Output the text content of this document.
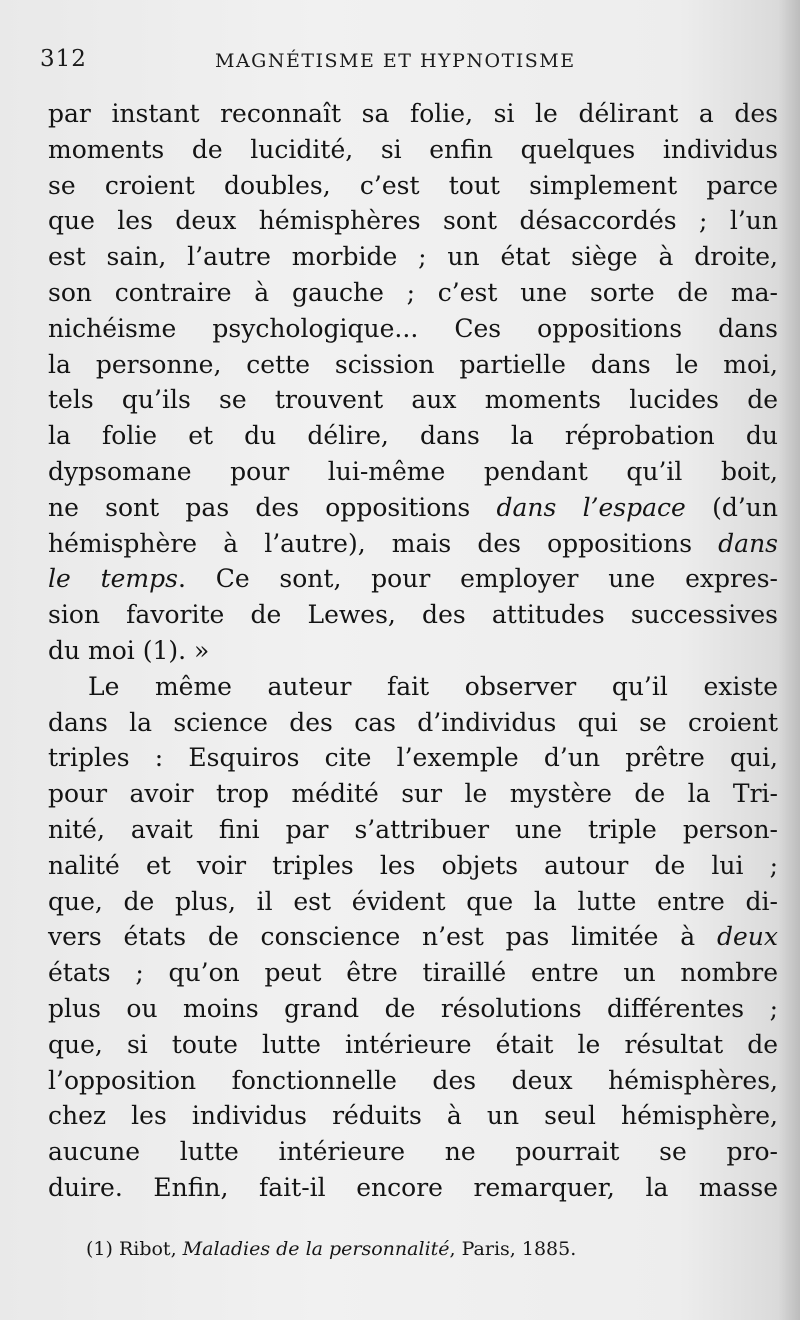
312	MAGNÉTISME ET HYPNOTISME
par instant reconnaît sa folie, si le délirant a des
moments de lucidité, si enfin quelques individus
se croient doubles, c’est tout simplement parce
que les deux hémisphères sont désaccordés ; l’un
est sain, l’autre morbide ; un état siège à droite,
son contraire à gauche ; c’est une sorte de ma-
nichéisme psychologique... Ces oppositions dans
la personne, cette scission partielle dans le moi,
tels qu’ils se trouvent aux moments lucides de
la folie et du délire, dans la réprobation du
dypsomane pour lui-même pendant qu’il boit,
ne sont pas des oppositions dans l’espace (d’un
hémisphère à l’autre), mais des oppositions dans
le temps. Ce sont, pour employer une expres-
sion favorite de Lewes, des attitudes successives
du moi (1). »
Le même auteur fait observer qu’il existe
dans la science des cas d’individus qui se croient
triples : Esquiros cite l’exemple d’un prêtre qui,
pour avoir trop médité sur le mystère de la Tri-
nité, avait fini par s’attribuer une triple person-
nalité et voir triples les objets autour de lui ;
que, de plus, il est évident que la lutte entre di-
vers états de conscience n’est pas limitée à deux
états ; qu’on peut être tiraillé entre un nombre
plus ou moins grand de résolutions différentes ;
que, si toute lutte intérieure était le résultat de
l’opposition fonctionnelle des deux hémisphères,
chez les individus réduits à un seul hémisphère,
aucune lutte intérieure ne pourrait se pro-
duire. Enfin, fait-il encore remarquer, la masse
(1) Ribot, Maladies de la personnalité, Paris, 1885.
